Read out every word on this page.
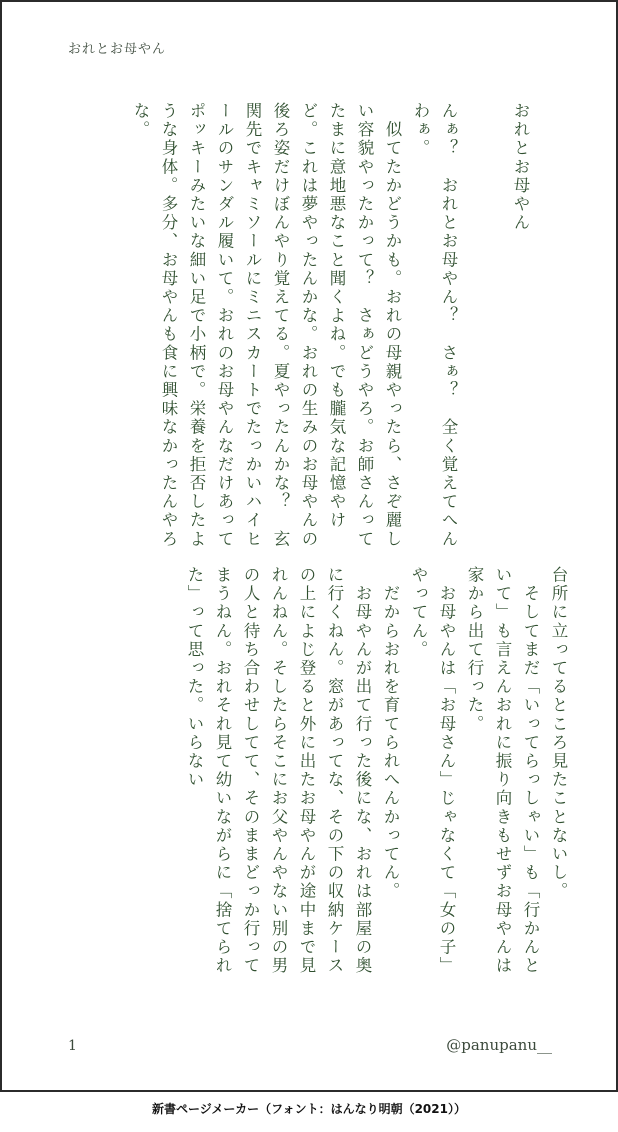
おれとお母やん

おれとお母やん

んぁ？　おれとお母やん？　さぁ？　全く覚えてへんわぁ。

　似てたかどうかも。おれの母親やったら、さぞ麗しい容貌やったかって？　さぁどうやろ。お師さんってたまに意地悪なこと聞くよね。でも朧気な記憶やけど。これは夢やったんかな。おれの生みのお母やんの後ろ姿だけぼんやり覚えてる。夏やったんかな？　玄関先でキャミソールにミニスカートでたっかいハイヒールのサンダル履いて。おれのお母やんなだけあってポッキーみたいな細い足で小柄で。栄養を拒否したような身体。多分、お母やんも食に興味なかったんやろな。

台所に立ってるところ見たことないし。

　そしてまだ「いってらっしゃい」も「行かんといて」も言えんおれに振り向きもせずお母やんは家から出て行った。

　お母やんは「お母さん」じゃなくて「女の子」やってん。

　だからおれを育てられへんかってん。

　お母やんが出て行った後にな、おれは部屋の奥に行くねん。窓があってな、その下の収納ケースの上によじ登ると外に出たお母やんが途中まで見れんねん。そしたらそこにお父やんやない別の男の人と待ち合わせしてて、そのままどっか行ってまうねん。おれそれ見て幼いながらに「捨てられた」って思った。いらない

1	@panupanu__
新書ページメーカー（フォント：はんなり明朝（2021））
